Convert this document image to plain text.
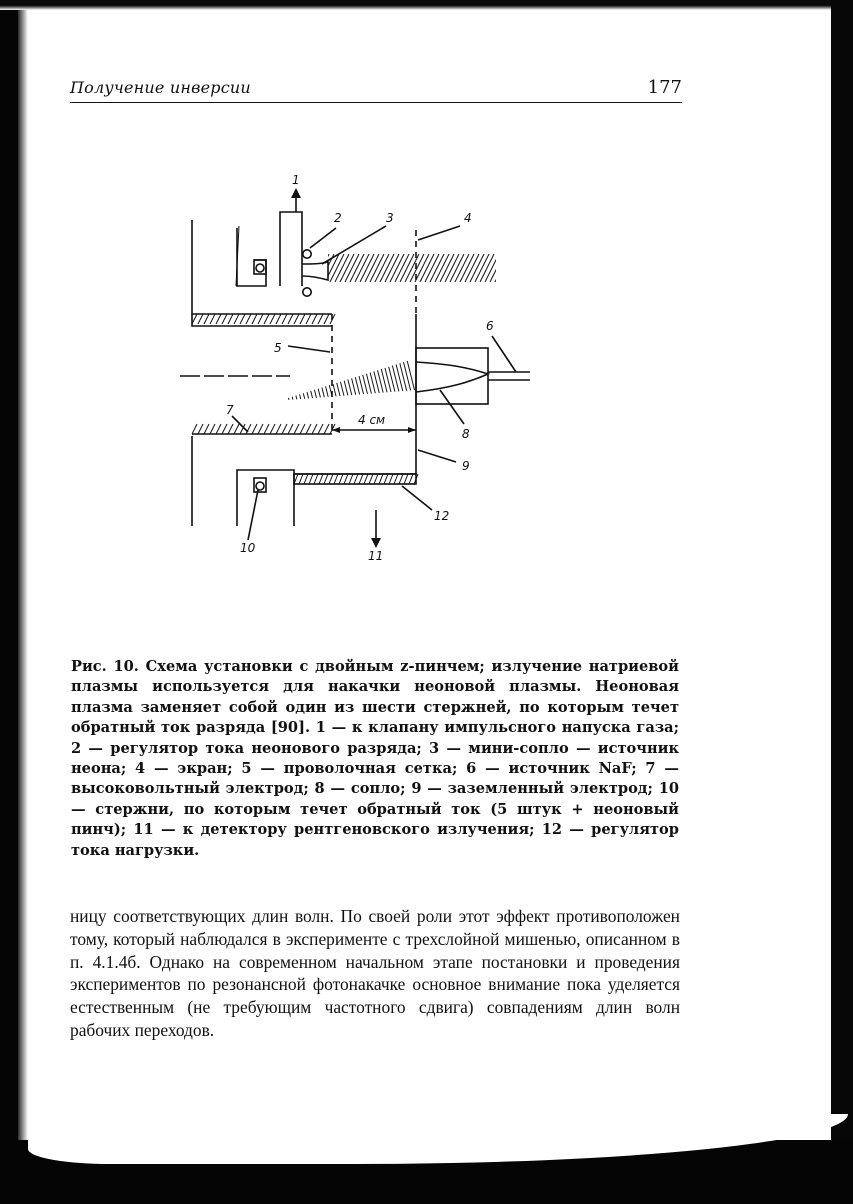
Получение инверсии	177
1
2	3	4
5
6
7
8
9
10
11
12
4 см
Рис. 10. Схема установки с двойным z-пинчем; излучение натриевой плазмы используется для накачки неоновой плазмы. Неоновая плазма заменяет собой один из шести стержней, по которым течет обратный ток разряда [90]. 1 — к клапану импульсного напуска газа; 2 — регулятор тока неонового разряда; 3 — мини-сопло — источник неона; 4 — экран; 5 — проволочная сетка; 6 — источник NaF; 7 — высоковольтный электрод; 8 — сопло; 9 — заземленный электрод; 10 — стержни, по которым течет обратный ток (5 штук + неоновый пинч); 11 — к детектору рентгеновского излучения; 12 — регулятор тока нагрузки.
ницу соответствующих длин волн. По своей роли этот эффект противоположен тому, который наблюдался в эксперименте с трехслойной мишенью, описанном в п. 4.1.4б. Однако на современном начальном этапе постановки и проведения экспериментов по резонансной фотонакачке основное внимание пока уделяется естественным (не требующим частотного сдвига) совпадениям длин волн рабочих переходов.
